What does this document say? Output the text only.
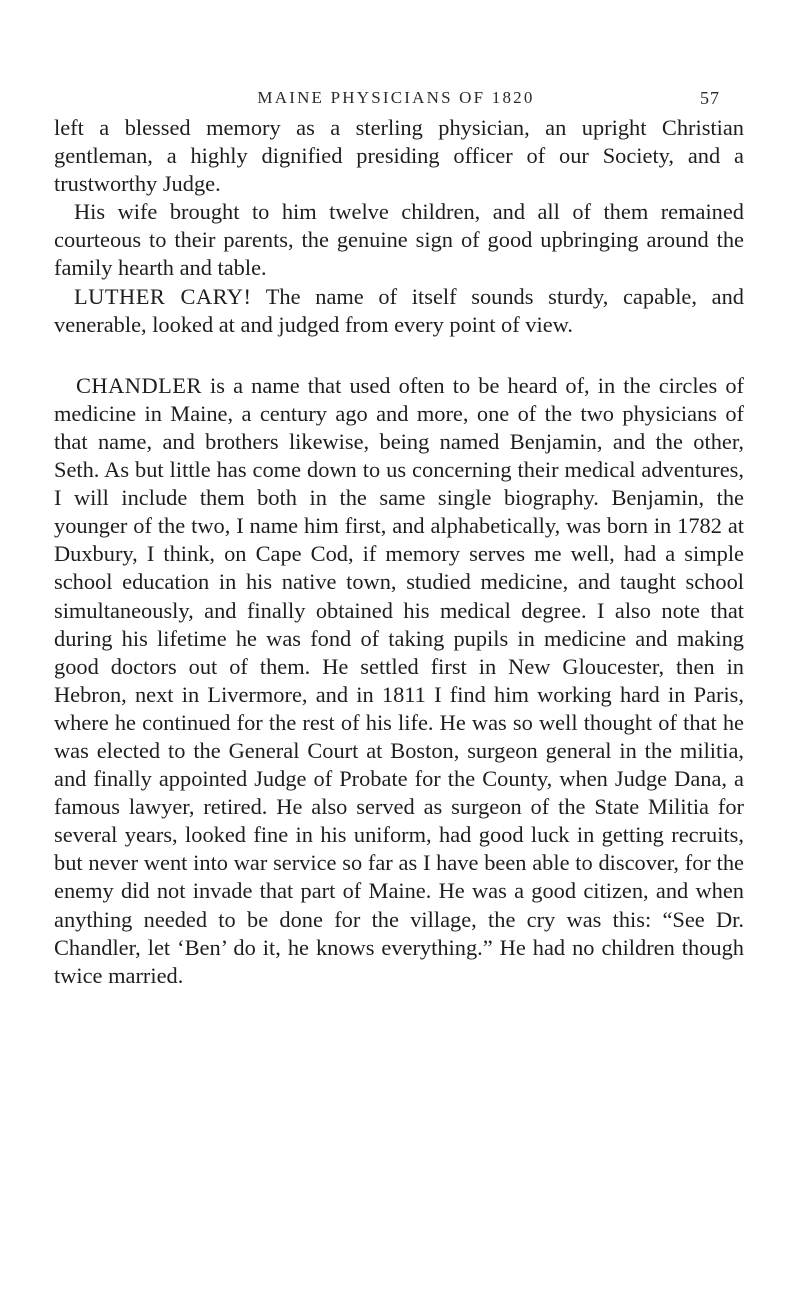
MAINE PHYSICIANS OF 1820	57

left a blessed memory as a sterling physician, an upright Christian gentleman, a highly dignified presiding officer of our Society, and a trustworthy Judge.

His wife brought to him twelve children, and all of them remained courteous to their parents, the genuine sign of good upbringing around the family hearth and table.

LUTHER CARY! The name of itself sounds sturdy, capable, and venerable, looked at and judged from every point of view.

CHANDLER is a name that used often to be heard of, in the circles of medicine in Maine, a century ago and more, one of the two physicians of that name, and brothers likewise, being named Benjamin, and the other, Seth. As but little has come down to us concerning their medical adventures, I will include them both in the same single biography. Benjamin, the younger of the two, I name him first, and alphabetically, was born in 1782 at Duxbury, I think, on Cape Cod, if memory serves me well, had a simple school education in his native town, studied medicine, and taught school simultaneously, and finally obtained his medical degree. I also note that during his lifetime he was fond of taking pupils in medicine and making good doctors out of them. He settled first in New Gloucester, then in Hebron, next in Livermore, and in 1811 I find him working hard in Paris, where he continued for the rest of his life. He was so well thought of that he was elected to the General Court at Boston, surgeon general in the militia, and finally appointed Judge of Probate for the County, when Judge Dana, a famous lawyer, retired. He also served as surgeon of the State Militia for several years, looked fine in his uniform, had good luck in getting recruits, but never went into war service so far as I have been able to discover, for the enemy did not invade that part of Maine. He was a good citizen, and when anything needed to be done for the village, the cry was this: “See Dr. Chandler, let ‘Ben’ do it, he knows everything.” He had no children though twice married.
